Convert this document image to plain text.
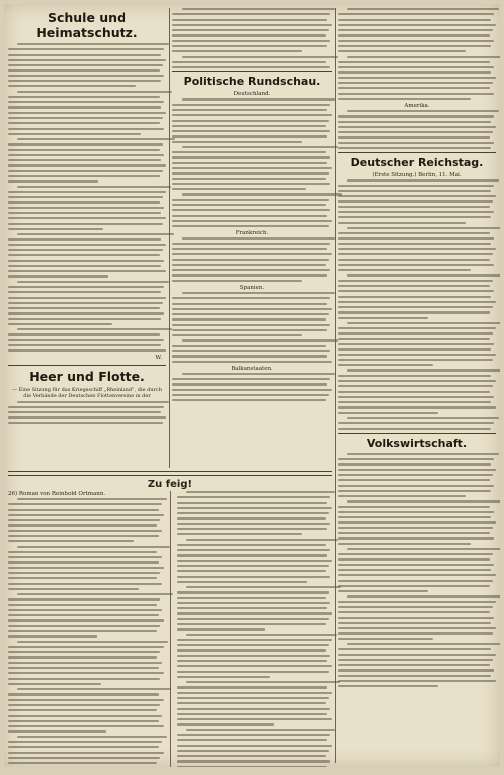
Schule und Heimatschutz.
W.
Heer und Flotte.
— Eine Sitzung für das Kriegsschiff „Rheinland“, die durch die Verbände der Deutschen Flottenvereine in der
Politische Rundschau.
Deutschland.
Frankreich.
Spanien.
Balkanstaaten.
Amerika.
Deutscher Reichstag.
(Erste Sitzung.) Berlin, 11. Mai.
Volkswirtschaft.
Zu feig!
26) Roman von Reinhold Ortmann.
